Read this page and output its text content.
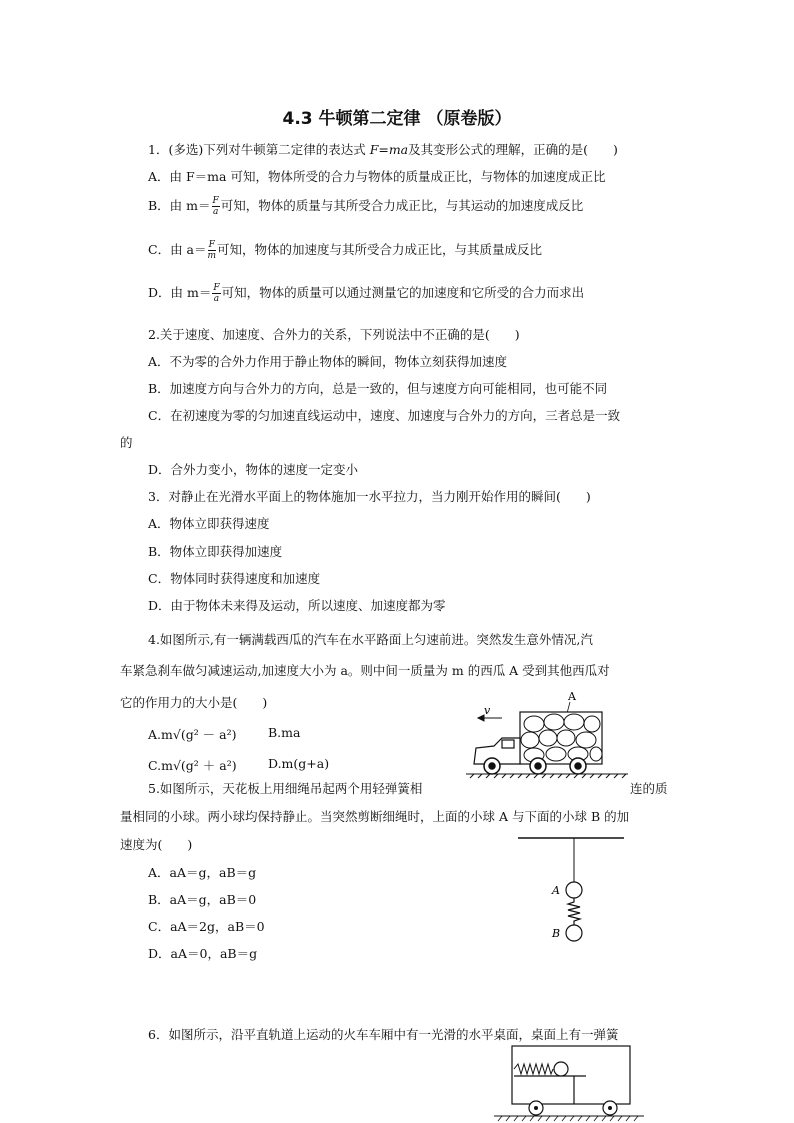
4.3 牛顿第二定律 （原卷版）
1．(多选)下列对牛顿第二定律的表达式 F=ma及其变形公式的理解，正确的是(　　)
A．由 F＝ma 可知，物体所受的合力与物体的质量成正比，与物体的加速度成正比
B．由 $m= \frac{F}{a}$ 可知，物体的质量与其所受合力成正比，与其运动的加速度成反比
C．由 $a= \frac{F}{m}$ 可知，物体的加速度与其所受合力成正比，与其质量成反比
D．由 $m= \frac{F}{a}$ 可知，物体的质量可以通过测量它的加速度和它所受的合力而求出
2.关于速度、加速度、合外力的关系，下列说法中不正确的是(　　)
A．不为零的合外力作用于静止物体的瞬间，物体立刻获得加速度
B．加速度方向与合外力的方向，总是一致的，但与速度方向可能相同，也可能不同
C．在初速度为零的匀加速直线运动中，速度、加速度与合外力的方向，三者总是一致
的
D．合外力变小，物体的速度一定变小
3．对静止在光滑水平面上的物体施加一水平拉力，当力刚开始作用的瞬间(　　)
A．物体立即获得速度
B．物体立即获得加速度
C．物体同时获得速度和加速度
D．由于物体未来得及运动，所以速度、加速度都为零
4.如图所示,有一辆满载西瓜的汽车在水平路面上匀速前进。突然发生意外情况,汽
车紧急刹车做匀减速运动,加速度大小为 a。则中间一质量为 m 的西瓜 A 受到其他西瓜对
它的作用力的大小是(　　)
A.m√(g² － a²)	B.ma
C.m√(g² ＋ a²)	D.m(g+a)
v
A
5.如图所示，天花板上用细绳吊起两个用轻弹簧相	连的质
量相同的小球。两小球均保持静止。当突然剪断细绳时，上面的小球 A 与下面的小球 B 的加
速度为(　　)
A．aA＝g，aB＝g
B．aA＝g，aB＝0
C．aA＝2g，aB＝0
D．aA＝0，aB＝g
A
B
6．如图所示，沿平直轨道上运动的火车车厢中有一光滑的水平桌面，桌面上有一弹簧
